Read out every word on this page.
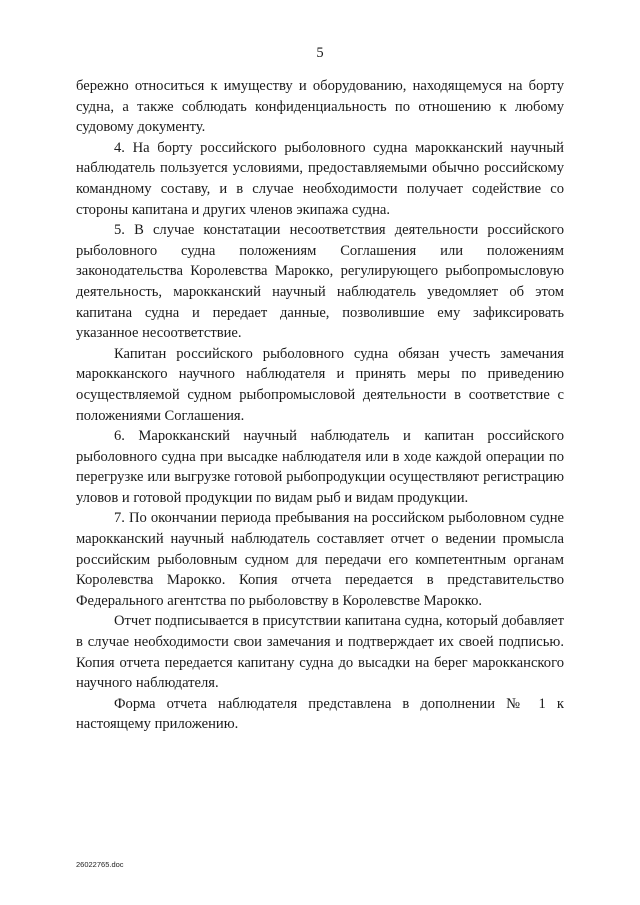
5

бережно относиться к имуществу и оборудованию, находящемуся на борту судна, а также соблюдать конфиденциальность по отношению к любому судовому документу.

4. На борту российского рыболовного судна марокканский научный наблюдатель пользуется условиями, предоставляемыми обычно российскому командному составу, и в случае необходимости получает содействие со стороны капитана и других членов экипажа судна.

5. В случае констатации несоответствия деятельности российского рыболовного судна положениям Соглашения или положениям законодательства Королевства Марокко, регулирующего рыбопромысловую деятельность, марокканский научный наблюдатель уведомляет об этом капитана судна и передает данные, позволившие ему зафиксировать указанное несоответствие.

Капитан российского рыболовного судна обязан учесть замечания марокканского научного наблюдателя и принять меры по приведению осуществляемой судном рыбопромысловой деятельности в соответствие с положениями Соглашения.

6. Марокканский научный наблюдатель и капитан российского рыболовного судна при высадке наблюдателя или в ходе каждой операции по перегрузке или выгрузке готовой рыбопродукции осуществляют регистрацию уловов и готовой продукции по видам рыб и видам продукции.

7. По окончании периода пребывания на российском рыболовном судне марокканский научный наблюдатель составляет отчет о ведении промысла российским рыболовным судном для передачи его компетентным органам Королевства Марокко. Копия отчета передается в представительство Федерального агентства по рыболовству в Королевстве Марокко.

Отчет подписывается в присутствии капитана судна, который добавляет в случае необходимости свои замечания и подтверждает их своей подписью. Копия отчета передается капитану судна до высадки на берег марокканского научного наблюдателя.

Форма отчета наблюдателя представлена в дополнении № 1 к настоящему приложению.

26022765.doc
